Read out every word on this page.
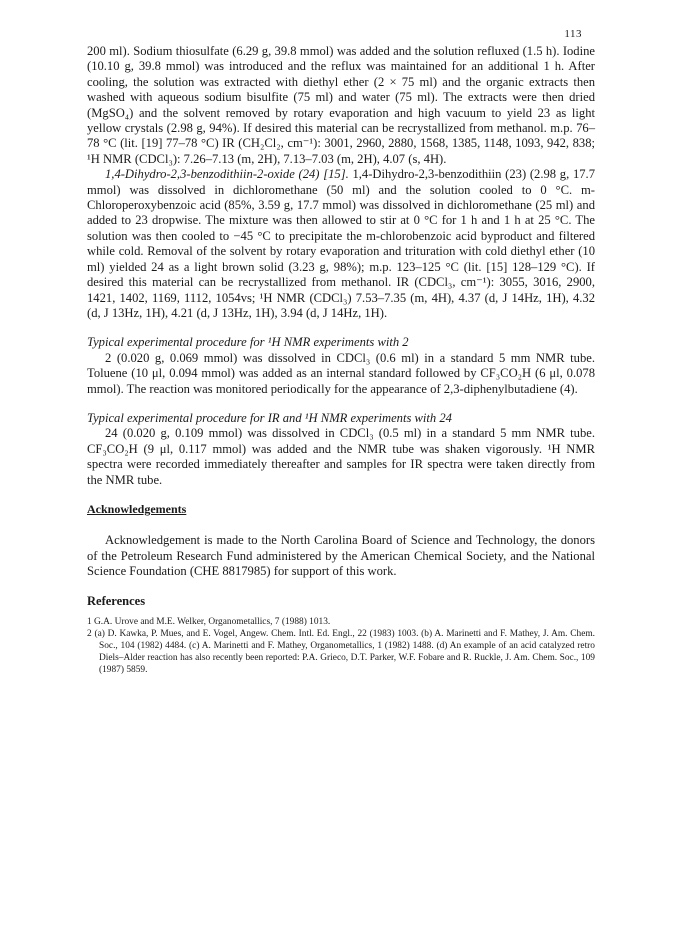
113

200 ml). Sodium thiosulfate (6.29 g, 39.8 mmol) was added and the solution refluxed (1.5 h). Iodine (10.10 g, 39.8 mmol) was introduced and the reflux was maintained for an additional 1 h. After cooling, the solution was extracted with diethyl ether (2 × 75 ml) and the organic extracts then washed with aqueous sodium bisulfite (75 ml) and water (75 ml). The extracts were then dried (MgSO₄) and the solvent removed by rotary evaporation and high vacuum to yield 23 as light yellow crystals (2.98 g, 94%). If desired this material can be recrystallized from methanol. m.p. 76–78 °C (lit. [19] 77–78 °C) IR (CH₂Cl₂, cm⁻¹): 3001, 2960, 2880, 1568, 1385, 1148, 1093, 942, 838; ¹H NMR (CDCl₃): 7.26–7.13 (m, 2H), 7.13–7.03 (m, 2H), 4.07 (s, 4H).

1,4-Dihydro-2,3-benzodithiin-2-oxide (24) [15]. 1,4-Dihydro-2,3-benzodithiin (23) (2.98 g, 17.7 mmol) was dissolved in dichloromethane (50 ml) and the solution cooled to 0 °C. m-Chloroperoxybenzoic acid (85%, 3.59 g, 17.7 mmol) was dissolved in dichloromethane (25 ml) and added to 23 dropwise. The mixture was then allowed to stir at 0 °C for 1 h and 1 h at 25 °C. The solution was then cooled to −45 °C to precipitate the m-chlorobenzoic acid byproduct and filtered while cold. Removal of the solvent by rotary evaporation and trituration with cold diethyl ether (10 ml) yielded 24 as a light brown solid (3.23 g, 98%); m.p. 123–125 °C (lit. [15] 128–129 °C). If desired this material can be recrystallized from methanol. IR (CDCl₃, cm⁻¹): 3055, 3016, 2900, 1421, 1402, 1169, 1112, 1054vs; ¹H NMR (CDCl₃) 7.53–7.35 (m, 4H), 4.37 (d, J 14Hz, 1H), 4.32 (d, J 13Hz, 1H), 4.21 (d, J 13Hz, 1H), 3.94 (d, J 14Hz, 1H).

Typical experimental procedure for ¹H NMR experiments with 2

2 (0.020 g, 0.069 mmol) was dissolved in CDCl₃ (0.6 ml) in a standard 5 mm NMR tube. Toluene (10 μl, 0.094 mmol) was added as an internal standard followed by CF₃CO₂H (6 μl, 0.078 mmol). The reaction was monitored periodically for the appearance of 2,3-diphenylbutadiene (4).

Typical experimental procedure for IR and ¹H NMR experiments with 24

24 (0.020 g, 0.109 mmol) was dissolved in CDCl₃ (0.5 ml) in a standard 5 mm NMR tube. CF₃CO₂H (9 μl, 0.117 mmol) was added and the NMR tube was shaken vigorously. ¹H NMR spectra were recorded immediately thereafter and samples for IR spectra were taken directly from the NMR tube.

Acknowledgements

Acknowledgement is made to the North Carolina Board of Science and Technology, the donors of the Petroleum Research Fund administered by the American Chemical Society, and the National Science Foundation (CHE 8817985) for support of this work.

References

1 G.A. Urove and M.E. Welker, Organometallics, 7 (1988) 1013.
2 (a) D. Kawka, P. Mues, and E. Vogel, Angew. Chem. Intl. Ed. Engl., 22 (1983) 1003. (b) A. Marinetti and F. Mathey, J. Am. Chem. Soc., 104 (1982) 4484. (c) A. Marinetti and F. Mathey, Organometallics, 1 (1982) 1488. (d) An example of an acid catalyzed retro Diels–Alder reaction has also recently been reported: P.A. Grieco, D.T. Parker, W.F. Fobare and R. Ruckle, J. Am. Chem. Soc., 109 (1987) 5859.
